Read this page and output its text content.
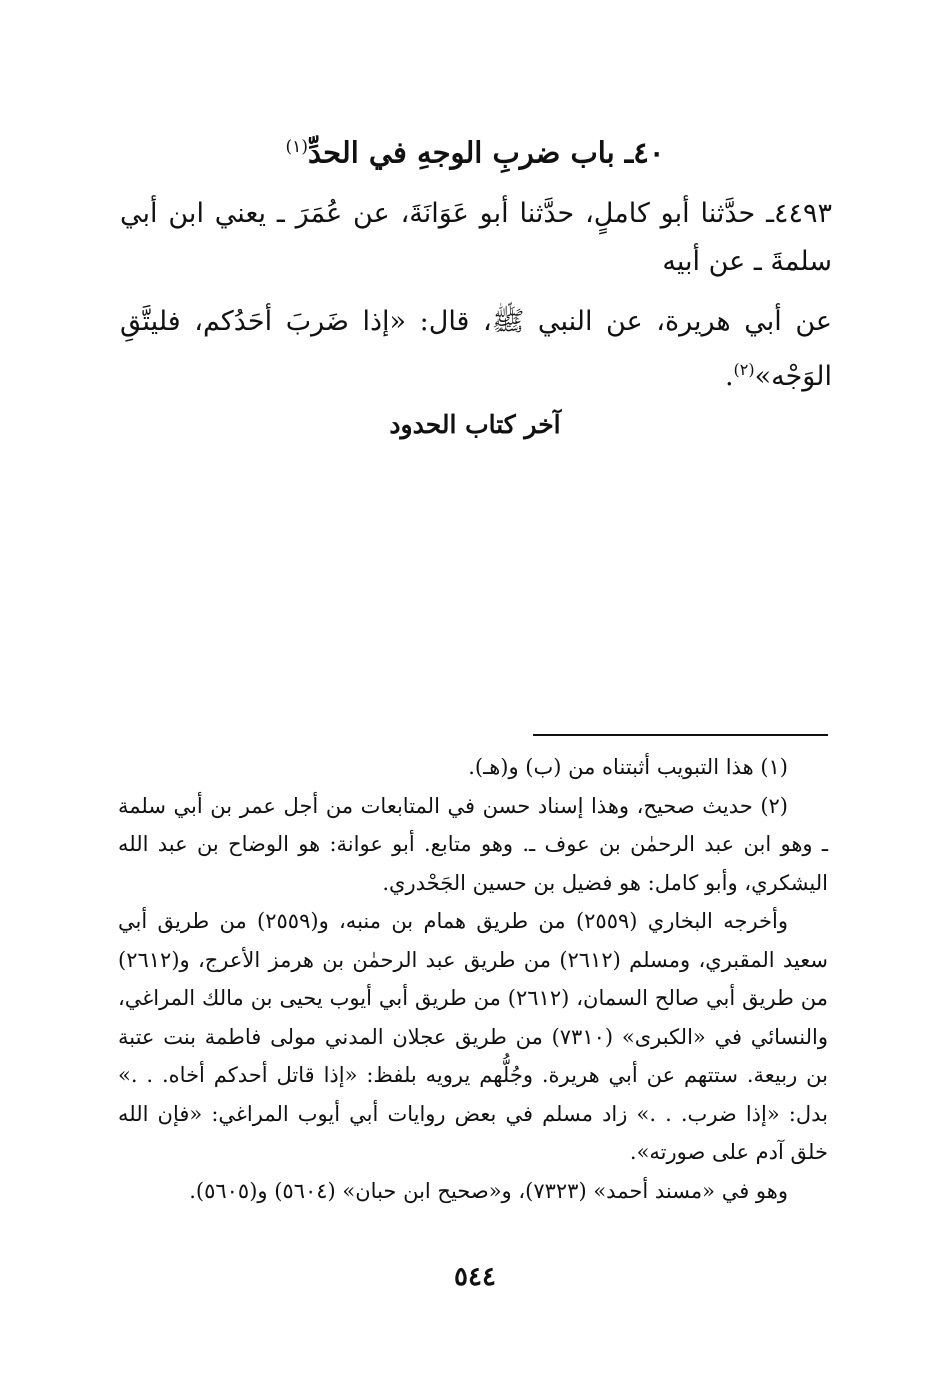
٤٠ـ باب ضربِ الوجهِ في الحدِّ$^{(١)}$

٤٤٩٣ـ حدَّثنا أبو كاملٍ، حدَّثنا أبو عَوَانَةَ، عن عُمَرَ ـ يعني ابن أبي سلمةَ ـ عن أبيه

عن أبي هريرة، عن النبي ﷺ، قال: «إذا ضَربَ أحَدُكم، فليتَّقِ الوَجْه»$^{(٢)}$.

آخر كتاب الحدود

(١) هذا التبويب أثبتناه من (ب) و(هـ).

(٢) حديث صحيح، وهذا إسناد حسن في المتابعات من أجل عمر بن أبي سلمة ـ وهو ابن عبد الرحمٰن بن عوف ـ. وهو متابع. أبو عوانة: هو الوضاح بن عبد الله اليشكري، وأبو كامل: هو فضيل بن حسين الجَحْدري.

وأخرجه البخاري (٢٥٥٩) من طريق همام بن منبه، و(٢٥٥٩) من طريق أبي سعيد المقبري، ومسلم (٢٦١٢) من طريق عبد الرحمٰن بن هرمز الأعرج، و(٢٦١٢) من طريق أبي صالح السمان، (٢٦١٢) من طريق أبي أيوب يحيى بن مالك المراغي، والنسائي في «الكبرى» (٧٣١٠) من طريق عجلان المدني مولى فاطمة بنت عتبة بن ربيعة. ستتهم عن أبي هريرة. وجُلُّهم يرويه بلفظ: «إذا قاتل أحدكم أخاه. . .» بدل: «إذا ضرب. . .» زاد مسلم في بعض روايات أبي أيوب المراغي: «فإن الله خلق آدم على صورته».

وهو في «مسند أحمد» (٧٣٢٣)، و«صحيح ابن حبان» (٥٦٠٤) و(٥٦٠٥).

٥٤٤
